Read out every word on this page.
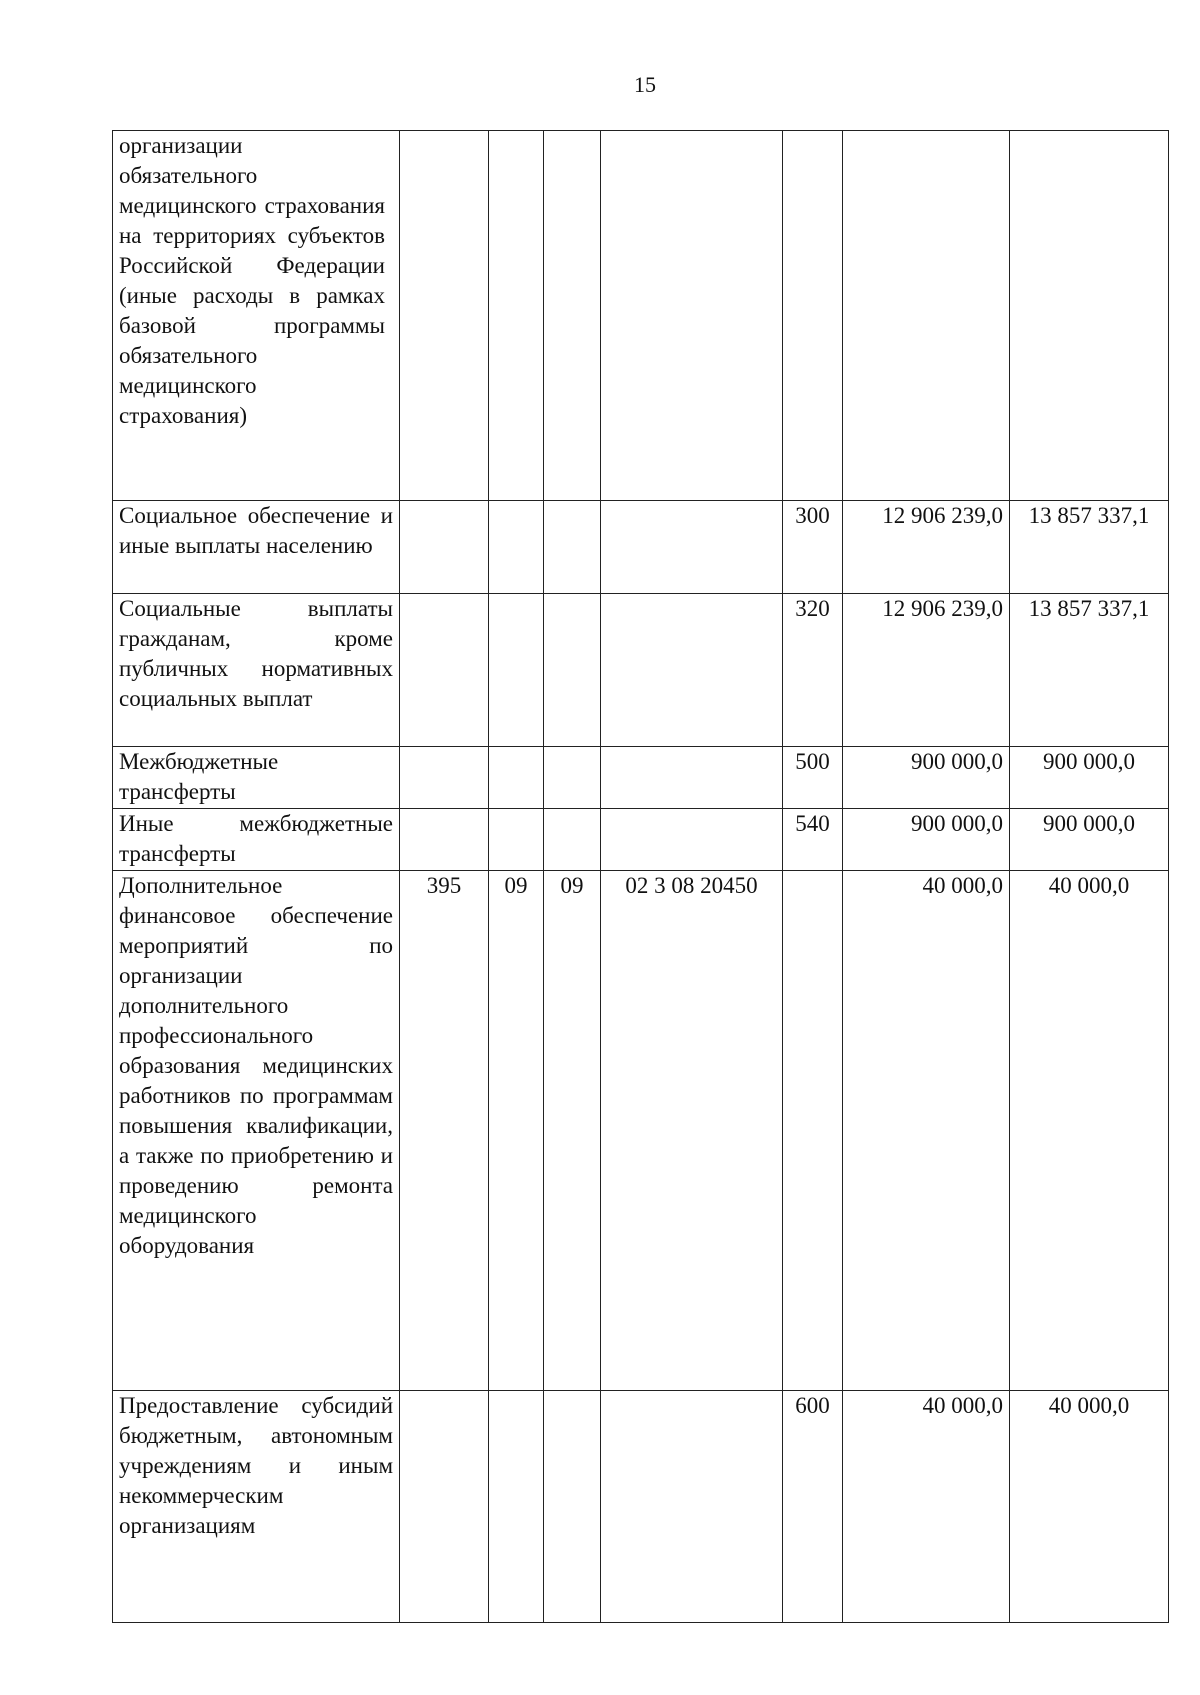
15
организации обязательного медицинского страхования на территориях субъектов Российской Федерации (иные расходы в рамках базовой программы обязательного медицинского страхования)							
Социальное обеспечение и иные выплаты населению					300	12 906 239,0	13 857 337,1
Социальные выплаты гражданам, кроме публичных нормативных социальных выплат					320	12 906 239,0	13 857 337,1
Межбюджетные трансферты					500	900 000,0	900 000,0
Иные межбюджетные трансферты					540	900 000,0	900 000,0
Дополнительное финансовое обеспечение мероприятий по организации дополнительного профессионального образования медицинских работников по программам повышения квалификации, а также по приобретению и проведению ремонта медицинского оборудования	395	09	09	02 3 08 20450		40 000,0	40 000,0
Предоставление субсидий бюджетным, автономным учреждениям и иным некоммерческим организациям					600	40 000,0	40 000,0
